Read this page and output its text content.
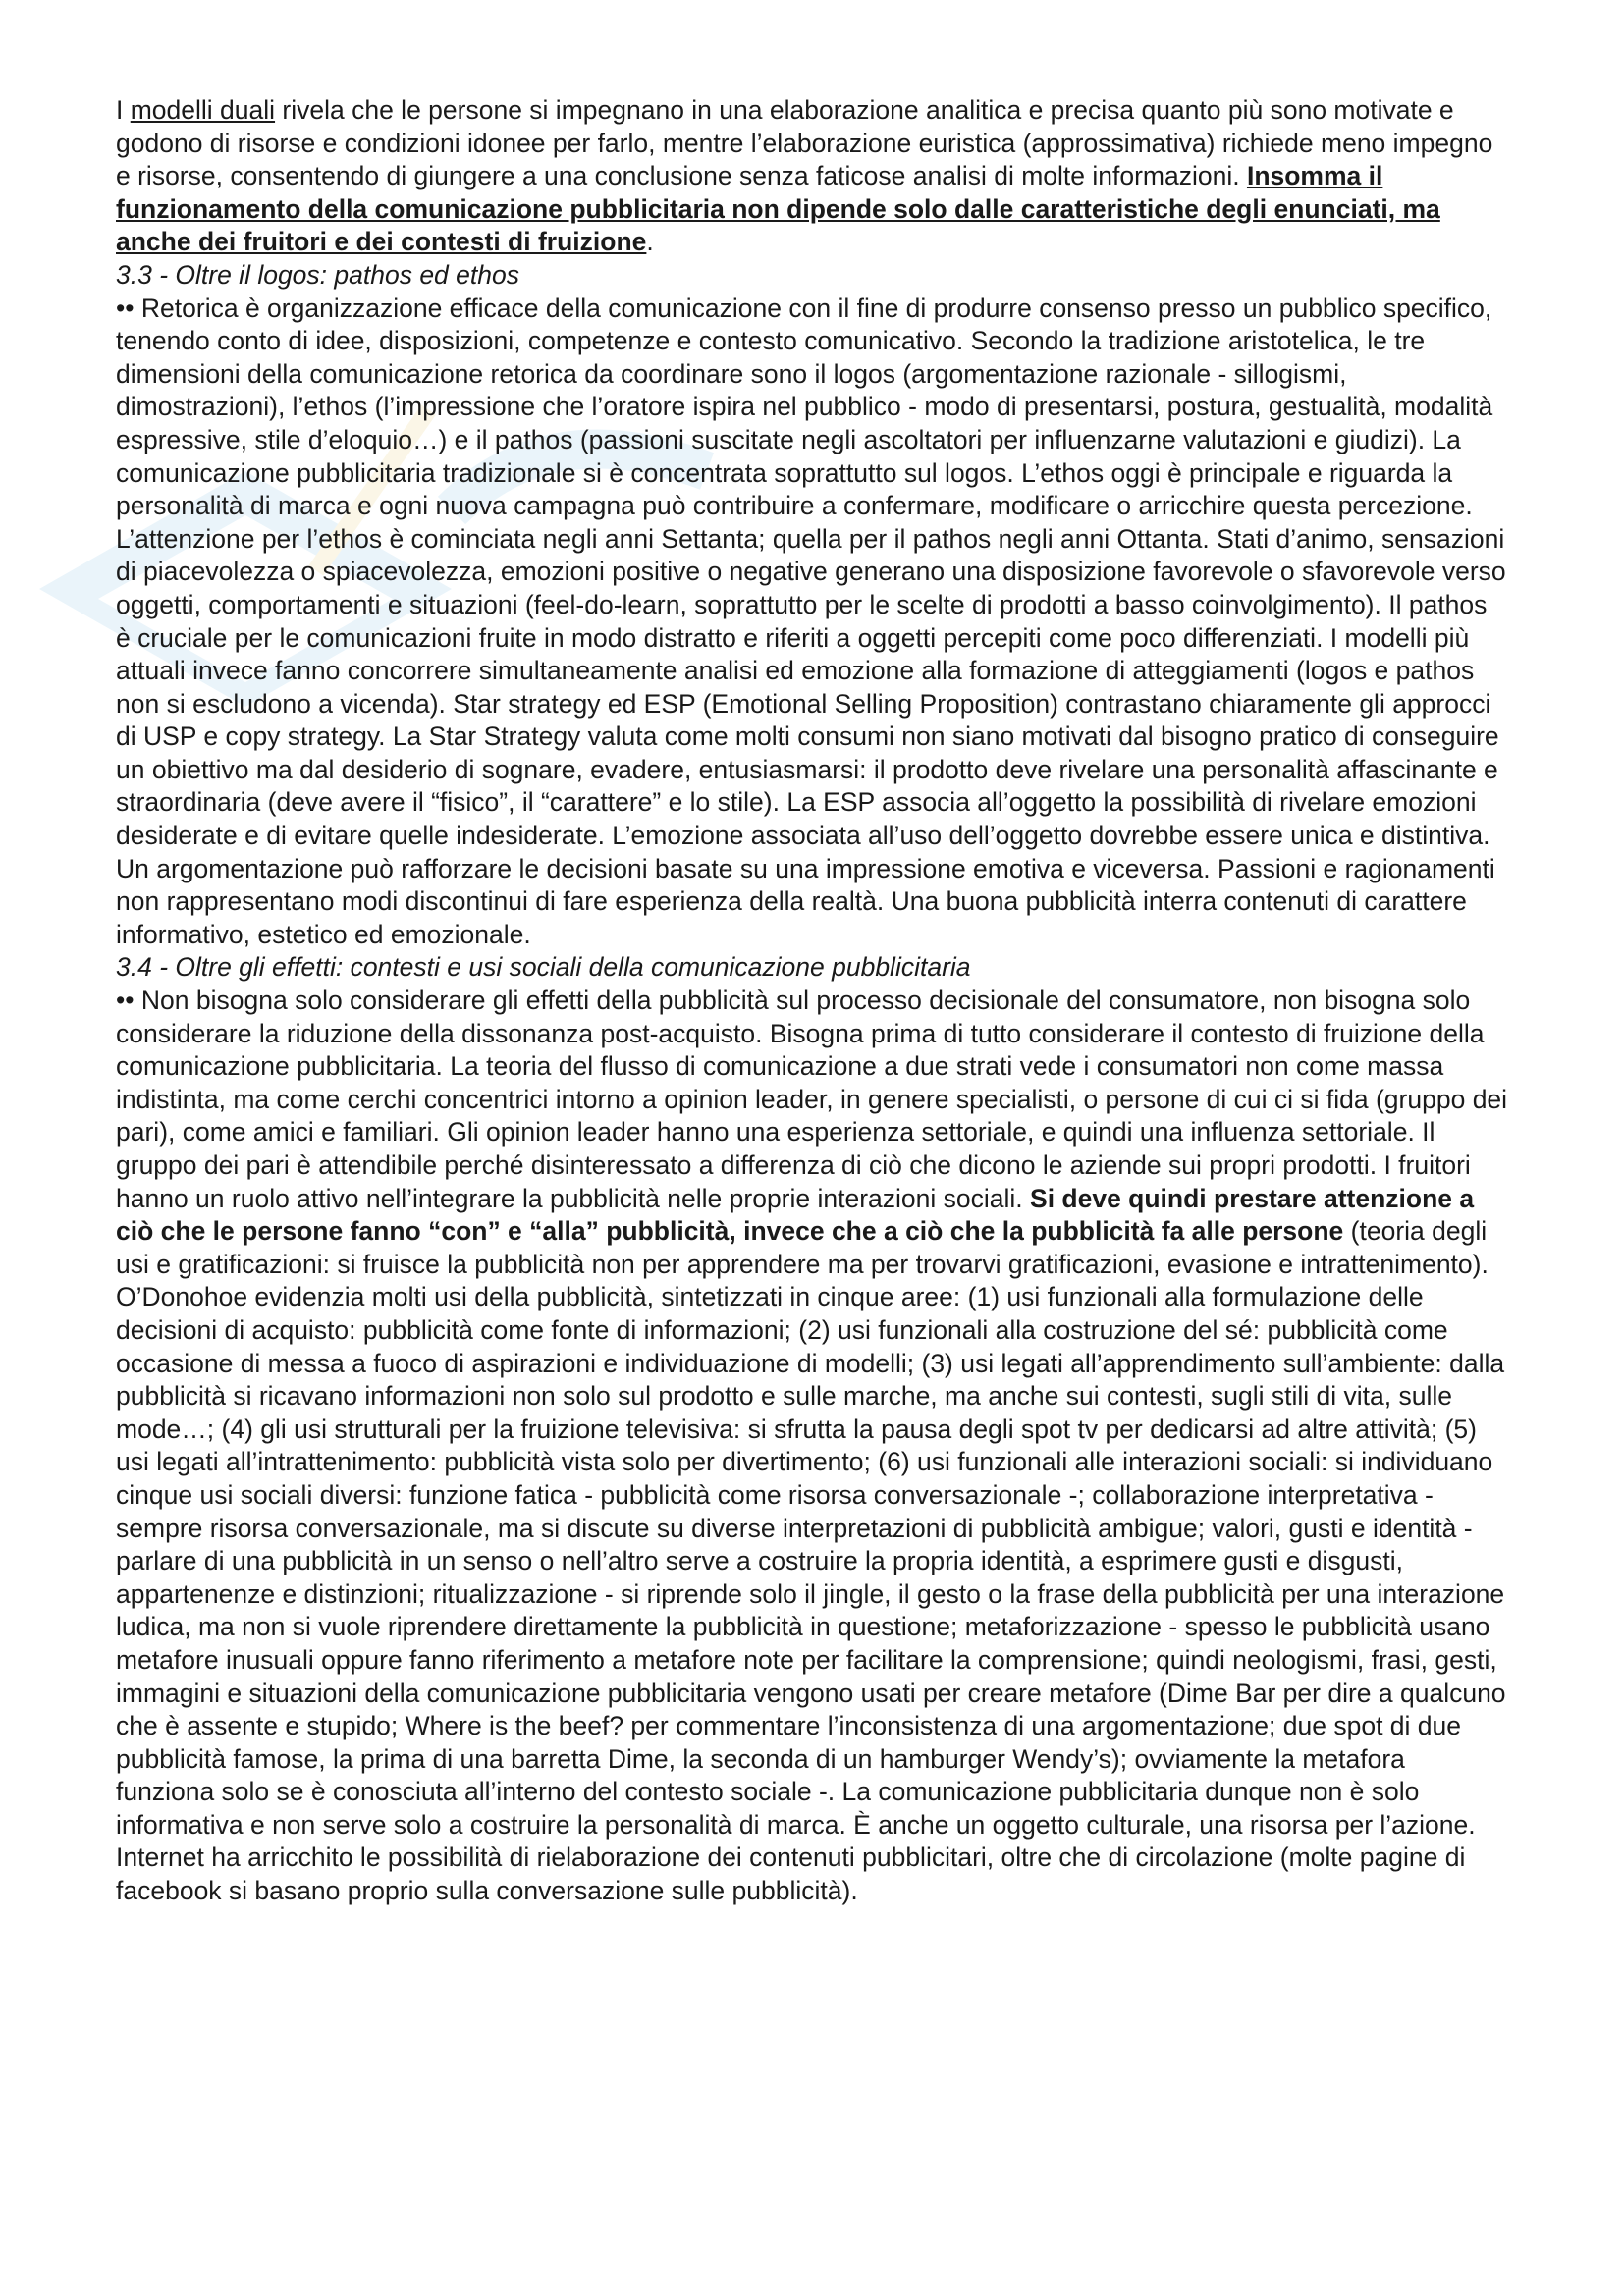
I modelli duali rivela che le persone si impegnano in una elaborazione analitica e precisa quanto più sono motivate e godono di risorse e condizioni idonee per farlo, mentre l’elaborazione euristica (approssimativa) richiede meno impegno e risorse, consentendo di giungere a una conclusione senza faticose analisi di molte informazioni. Insomma il funzionamento della comunicazione pubblicitaria non dipende solo dalle caratteristiche degli enunciati, ma anche dei fruitori e dei contesti di fruizione.

3.3 - Oltre il logos: pathos ed ethos

•• Retorica è organizzazione efficace della comunicazione con il fine di produrre consenso presso un pubblico specifico, tenendo conto di idee, disposizioni, competenze e contesto comunicativo. Secondo la tradizione aristotelica, le tre dimensioni della comunicazione retorica da coordinare sono il logos (argomentazione razionale - sillogismi, dimostrazioni), l’ethos (l’impressione che l’oratore ispira nel pubblico - modo di presentarsi, postura, gestualità, modalità espressive, stile d’eloquio…) e il pathos (passioni suscitate negli ascoltatori per influenzarne valutazioni e giudizi). La comunicazione pubblicitaria tradizionale si è concentrata soprattutto sul logos. L’ethos oggi è principale e riguarda la personalità di marca e ogni nuova campagna può contribuire a confermare, modificare o arricchire questa percezione. L’attenzione per l’ethos è cominciata negli anni Settanta; quella per il pathos negli anni Ottanta. Stati d’animo, sensazioni di piacevolezza o spiacevolezza, emozioni positive o negative generano una disposizione favorevole o sfavorevole verso oggetti, comportamenti e situazioni (feel-do-learn, soprattutto per le scelte di prodotti a basso coinvolgimento). Il pathos è cruciale per le comunicazioni fruite in modo distratto e riferiti a oggetti percepiti come poco differenziati. I modelli più attuali invece fanno concorrere simultaneamente analisi ed emozione alla formazione di atteggiamenti (logos e pathos non si escludono a vicenda). Star strategy ed ESP (Emotional Selling Proposition) contrastano chiaramente gli approcci di USP e copy strategy. La Star Strategy valuta come molti consumi non siano motivati dal bisogno pratico di conseguire un obiettivo ma dal desiderio di sognare, evadere, entusiasmarsi: il prodotto deve rivelare una personalità affascinante e straordinaria (deve avere il “fisico”, il “carattere” e lo stile). La ESP associa all’oggetto la possibilità di rivelare emozioni desiderate e di evitare quelle indesiderate. L’emozione associata all’uso dell’oggetto dovrebbe essere unica e distintiva. Un argomentazione può rafforzare le decisioni basate su una impressione emotiva e viceversa. Passioni e ragionamenti non rappresentano modi discontinui di fare esperienza della realtà. Una buona pubblicità interra contenuti di carattere informativo, estetico ed emozionale.

3.4 - Oltre gli effetti: contesti e usi sociali della comunicazione pubblicitaria

•• Non bisogna solo considerare gli effetti della pubblicità sul processo decisionale del consumatore, non bisogna solo considerare la riduzione della dissonanza post-acquisto. Bisogna prima di tutto considerare il contesto di fruizione della comunicazione pubblicitaria. La teoria del flusso di comunicazione a due strati vede i consumatori non come massa indistinta, ma come cerchi concentrici intorno a opinion leader, in genere specialisti, o persone di cui ci si fida (gruppo dei pari), come amici e familiari. Gli opinion leader hanno una esperienza settoriale, e quindi una influenza settoriale. Il gruppo dei pari è attendibile perché disinteressato a differenza di ciò che dicono le aziende sui propri prodotti. I fruitori hanno un ruolo attivo nell’integrare la pubblicità nelle proprie interazioni sociali. Si deve quindi prestare attenzione a ciò che le persone fanno “con” e “alla” pubblicità, invece che a ciò che la pubblicità fa alle persone (teoria degli usi e gratificazioni: si fruisce la pubblicità non per apprendere ma per trovarvi gratificazioni, evasione e intrattenimento). O’Donohoe evidenzia molti usi della pubblicità, sintetizzati in cinque aree: (1) usi funzionali alla formulazione delle decisioni di acquisto: pubblicità come fonte di informazioni; (2) usi funzionali alla costruzione del sé: pubblicità come occasione di messa a fuoco di aspirazioni e individuazione di modelli; (3) usi legati all’apprendimento sull’ambiente: dalla pubblicità si ricavano informazioni non solo sul prodotto e sulle marche, ma anche sui contesti, sugli stili di vita, sulle mode…; (4) gli usi strutturali per la fruizione televisiva: si sfrutta la pausa degli spot tv per dedicarsi ad altre attività; (5) usi legati all’intrattenimento: pubblicità vista solo per divertimento; (6) usi funzionali alle interazioni sociali: si individuano cinque usi sociali diversi: funzione fatica - pubblicità come risorsa conversazionale -; collaborazione interpretativa - sempre risorsa conversazionale, ma si discute su diverse interpretazioni di pubblicità ambigue; valori, gusti e identità - parlare di una pubblicità in un senso o nell’altro serve a costruire la propria identità, a esprimere gusti e disgusti, appartenenze e distinzioni; ritualizzazione - si riprende solo il jingle, il gesto o la frase della pubblicità per una interazione ludica, ma non si vuole riprendere direttamente la pubblicità in questione; metaforizzazione - spesso le pubblicità usano metafore inusuali oppure fanno riferimento a metafore note per facilitare la comprensione; quindi neologismi, frasi, gesti, immagini e situazioni della comunicazione pubblicitaria vengono usati per creare metafore (Dime Bar per dire a qualcuno che è assente e stupido; Where is the beef? per commentare l’inconsistenza di una argomentazione; due spot di due pubblicità famose, la prima di una barretta Dime, la seconda di un hamburger Wendy’s); ovviamente la metafora funziona solo se è conosciuta all’interno del contesto sociale -. La comunicazione pubblicitaria dunque non è solo informativa e non serve solo a costruire la personalità di marca. È anche un oggetto culturale, una risorsa per l’azione. Internet ha arricchito le possibilità di rielaborazione dei contenuti pubblicitari, oltre che di circolazione (molte pagine di facebook si basano proprio sulla conversazione sulle pubblicità).
